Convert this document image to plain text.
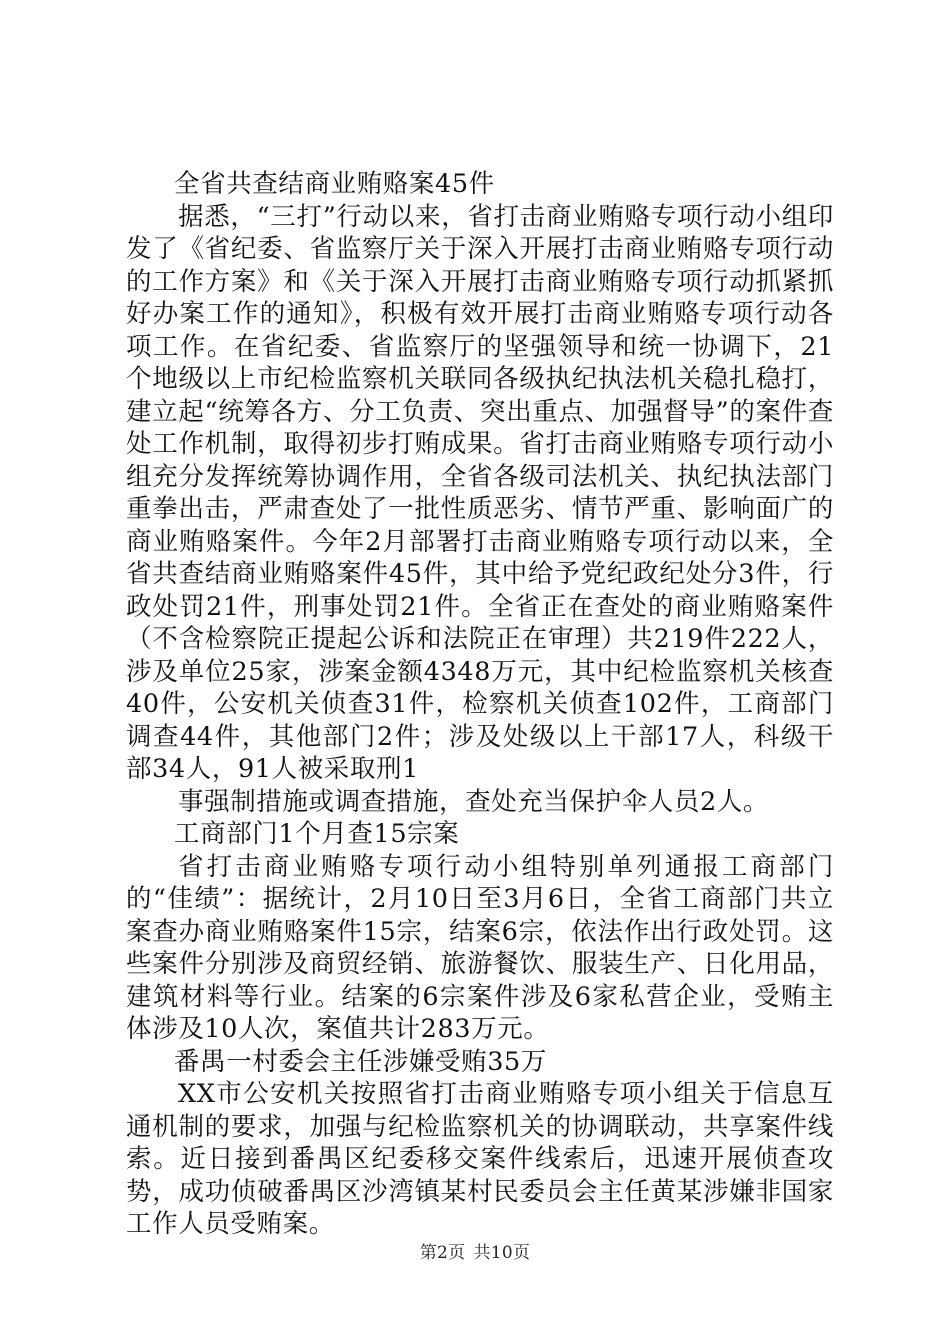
全省共查结商业贿赂案45件

据悉，“三打”行动以来，省打击商业贿赂专项行动小组印发了《省纪委、省监察厅关于深入开展打击商业贿赂专项行动的工作方案》和《关于深入开展打击商业贿赂专项行动抓紧抓好办案工作的通知》，积极有效开展打击商业贿赂专项行动各项工作。在省纪委、省监察厅的坚强领导和统一协调下，21个地级以上市纪检监察机关联同各级执纪执法机关稳扎稳打，建立起“统筹各方、分工负责、突出重点、加强督导”的案件查处工作机制，取得初步打贿成果。省打击商业贿赂专项行动小组充分发挥统筹协调作用，全省各级司法机关、执纪执法部门重拳出击，严肃查处了一批性质恶劣、情节严重、影响面广的商业贿赂案件。今年2月部署打击商业贿赂专项行动以来，全省共查结商业贿赂案件45件，其中给予党纪政纪处分3件，行政处罚21件，刑事处罚21件。全省正在查处的商业贿赂案件（不含检察院正提起公诉和法院正在审理）共219件222人，涉及单位25家，涉案金额4348万元，其中纪检监察机关核查40件，公安机关侦查31件，检察机关侦查102件，工商部门调查44件，其他部门2件；涉及处级以上干部17人，科级干部34人，91人被采取刑1

事强制措施或调查措施，查处充当保护伞人员2人。

工商部门1个月查15宗案

省打击商业贿赂专项行动小组特别单列通报工商部门的“佳绩”：据统计，2月10日至3月6日，全省工商部门共立案查办商业贿赂案件15宗，结案6宗，依法作出行政处罚。这些案件分别涉及商贸经销、旅游餐饮、服装生产、日化用品，建筑材料等行业。结案的6宗案件涉及6家私营企业，受贿主体涉及10人次，案值共计283万元。

番禺一村委会主任涉嫌受贿35万

XX市公安机关按照省打击商业贿赂专项小组关于信息互通机制的要求，加强与纪检监察机关的协调联动，共享案件线索。近日接到番禺区纪委移交案件线索后，迅速开展侦查攻势，成功侦破番禺区沙湾镇某村民委员会主任黄某涉嫌非国家工作人员受贿案。

第2页 共10页
